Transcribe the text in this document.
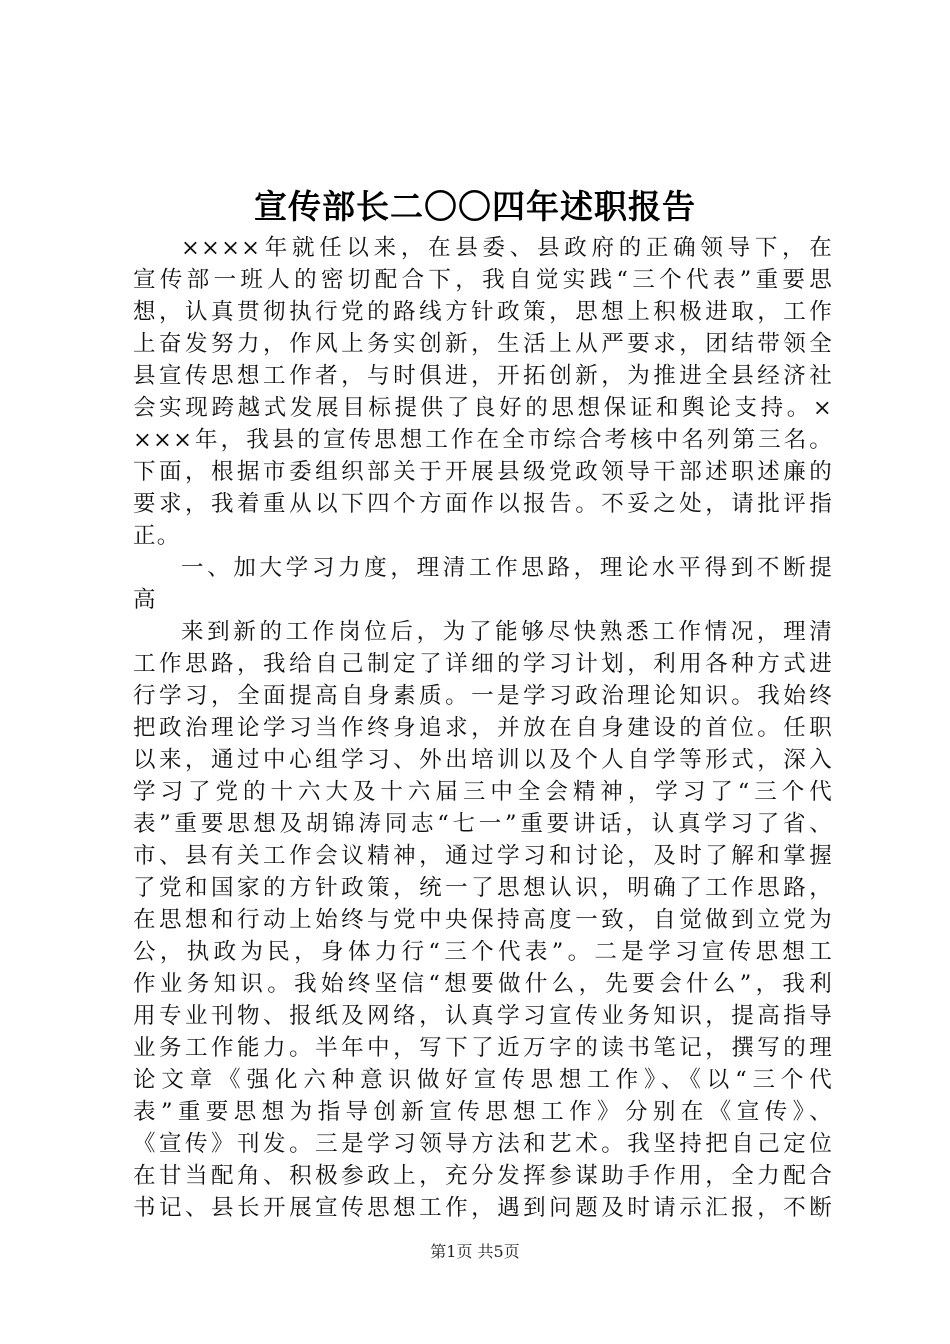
宣传部长二〇〇四年述职报告
××××年就任以来，在县委、县政府的正确领导下，在
宣传部一班人的密切配合下，我自觉实践“三个代表”重要思
想，认真贯彻执行党的路线方针政策，思想上积极进取，工作
上奋发努力，作风上务实创新，生活上从严要求，团结带领全
县宣传思想工作者，与时俱进，开拓创新，为推进全县经济社
会实现跨越式发展目标提供了良好的思想保证和舆论支持。×
×××年，我县的宣传思想工作在全市综合考核中名列第三名。
下面，根据市委组织部关于开展县级党政领导干部述职述廉的
要求，我着重从以下四个方面作以报告。不妥之处，请批评指
正。
一、加大学习力度，理清工作思路，理论水平得到不断提
高
来到新的工作岗位后，为了能够尽快熟悉工作情况，理清
工作思路，我给自己制定了详细的学习计划，利用各种方式进
行学习，全面提高自身素质。一是学习政治理论知识。我始终
把政治理论学习当作终身追求，并放在自身建设的首位。任职
以来，通过中心组学习、外出培训以及个人自学等形式，深入
学习了党的十六大及十六届三中全会精神，学习了“三个代
表”重要思想及胡锦涛同志“七一”重要讲话，认真学习了省、
市、县有关工作会议精神，通过学习和讨论，及时了解和掌握
了党和国家的方针政策，统一了思想认识，明确了工作思路，
在思想和行动上始终与党中央保持高度一致，自觉做到立党为
公，执政为民，身体力行“三个代表”。二是学习宣传思想工
作业务知识。我始终坚信“想要做什么，先要会什么”，我利
用专业刊物、报纸及网络，认真学习宣传业务知识，提高指导
业务工作能力。半年中，写下了近万字的读书笔记，撰写的理
论文章《强化六种意识做好宣传思想工作》、《以“三个代
表”重要思想为指导创新宣传思想工作》分别在《宣传》、
《宣传》刊发。三是学习领导方法和艺术。我坚持把自己定位
在甘当配角、积极参政上，充分发挥参谋助手作用，全力配合
书记、县长开展宣传思想工作，遇到问题及时请示汇报，不断
第1页 共5页
